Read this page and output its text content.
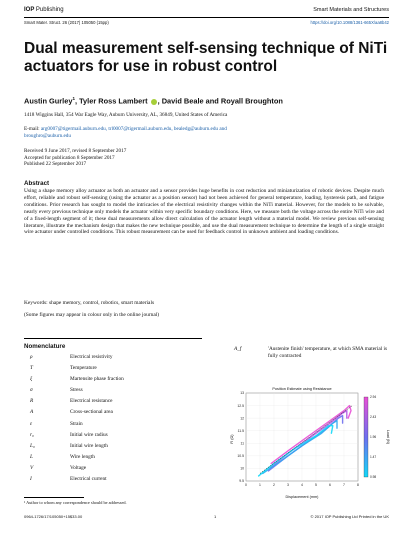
IOP Publishing	Smart Materials and Structures
Smart Mater. Struct. 26 (2017) 105050 (15pp)	https://doi.org/10.1088/1361-665X/aa8b42
Dual measurement self-sensing technique of NiTi actuators for use in robust control
Austin Gurley$^1$, Tyler Ross Lambert , David Beale and Royall Broughton
1418 Wiggins Hall, 354 War Eagle Way, Auburn University, AL, 36849, United States of America
E-mail: arg0007@tigermail.auburn.edu, trl0007@tigermail.auburn.edu, bealedg@auburn.edu and
broughro@auburn.edu
Received 9 June 2017, revised 8 September 2017
Accepted for publication 8 September 2017
Published 22 September 2017
Abstract
Using a shape memory alloy actuator as both an actuator and a sensor provides huge benefits in cost reduction and miniaturization of robotic devices. Despite much effort, reliable and robust self-sensing (using the actuator as a position sensor) had not been achieved for general temperature, loading, hysteresis path, and fatigue conditions. Prior research has sought to model the intricacies of the electrical resistivity changes within the NiTi material. However, for the models to be solvable, nearly every previous technique only models the actuator within very specific boundary conditions. Here, we measure both the voltage across the entire NiTi wire and of a fixed-length segment of it; these dual measurements allow direct calculation of the actuator length without a material model. We review previous self-sensing literature, illustrate the mechanism design that makes the new technique possible, and use the dual measurement technique to determine the length of a single straight wire actuator under controlled conditions. This robust measurement can be used for feedback control in unknown ambient and loading conditions.
Keywords: shape memory, control, robotics, smart materials
(Some figures may appear in colour only in the online journal)
Nomenclature
ρ	Electrical resistivity
T	Temperature
ξ	Martensite phase fraction
σ	Stress
R	Electrical resistance
A	Cross-sectional area
ε	Strain
r₀	Initial wire radius
L₀	Initial wire length
L	Wire length
V	Voltage
I	Electrical current
A_f	'Austenite finish' temperature, at which SMA material is fully contracted
Position Estimate using Resistance
Displacement (mm)
R (Ω)	Load (N)
0	1	2	3	4	5	6	7	8
9.5
10
10.5
11
11.5
12
12.5
13
2.94
2.43
1.96
1.47
0.98
¹ Author to whom any correspondence should be addressed.
0964-1726/17/105050+15$33.00	1	© 2017 IOP Publishing Ltd Printed in the UK
